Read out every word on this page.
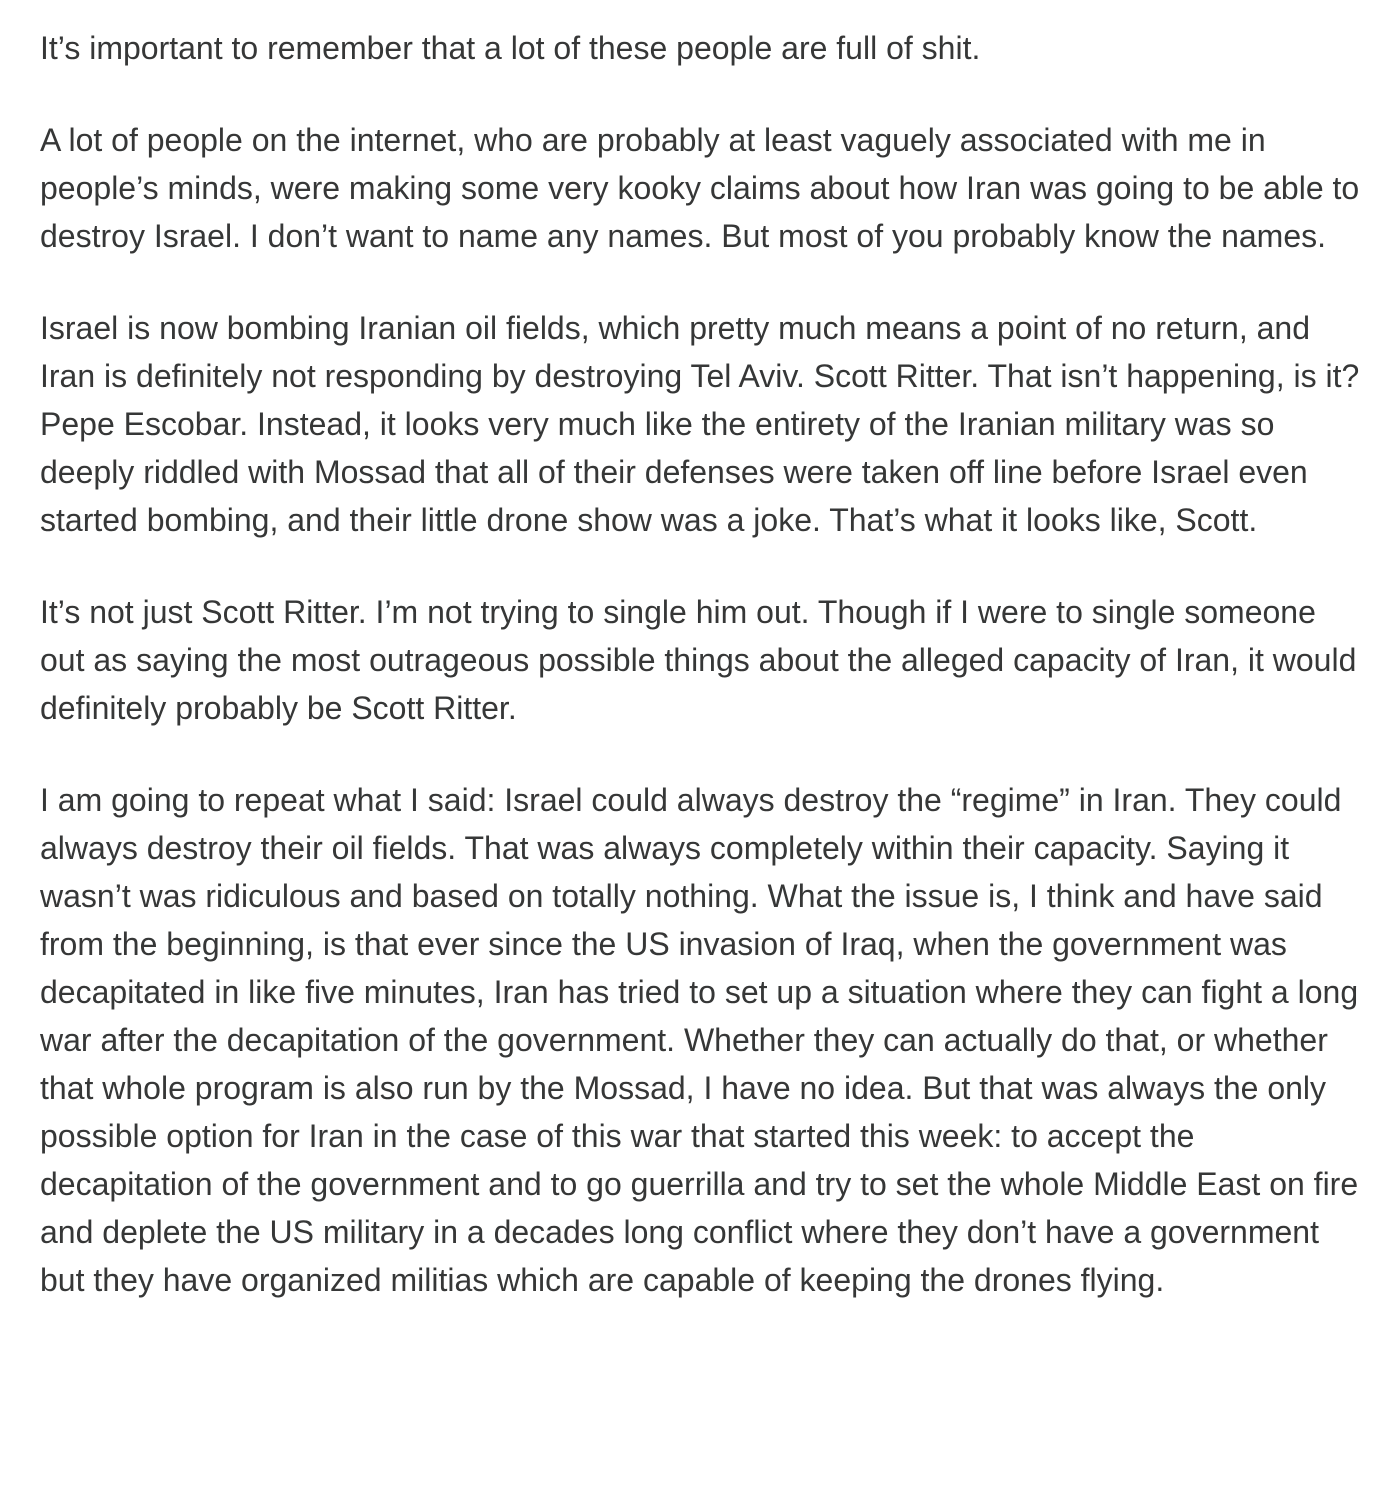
It’s important to remember that a lot of these people are full of shit.

A lot of people on the internet, who are probably at least vaguely associated with me in people’s minds, were making some very kooky claims about how Iran was going to be able to destroy Israel. I don’t want to name any names. But most of you probably know the names.

Israel is now bombing Iranian oil fields, which pretty much means a point of no return, and Iran is definitely not responding by destroying Tel Aviv. Scott Ritter. That isn’t happening, is it? Pepe Escobar. Instead, it looks very much like the entirety of the Iranian military was so deeply riddled with Mossad that all of their defenses were taken off line before Israel even started bombing, and their little drone show was a joke. That’s what it looks like, Scott.

It’s not just Scott Ritter. I’m not trying to single him out. Though if I were to single someone out as saying the most outrageous possible things about the alleged capacity of Iran, it would definitely probably be Scott Ritter.

I am going to repeat what I said: Israel could always destroy the “regime” in Iran. They could always destroy their oil fields. That was always completely within their capacity. Saying it wasn’t was ridiculous and based on totally nothing. What the issue is, I think and have said from the beginning, is that ever since the US invasion of Iraq, when the government was decapitated in like five minutes, Iran has tried to set up a situation where they can fight a long war after the decapitation of the government. Whether they can actually do that, or whether that whole program is also run by the Mossad, I have no idea. But that was always the only possible option for Iran in the case of this war that started this week: to accept the decapitation of the government and to go guerrilla and try to set the whole Middle East on fire and deplete the US military in a decades long conflict where they don’t have a government but they have organized militias which are capable of keeping the drones flying.
